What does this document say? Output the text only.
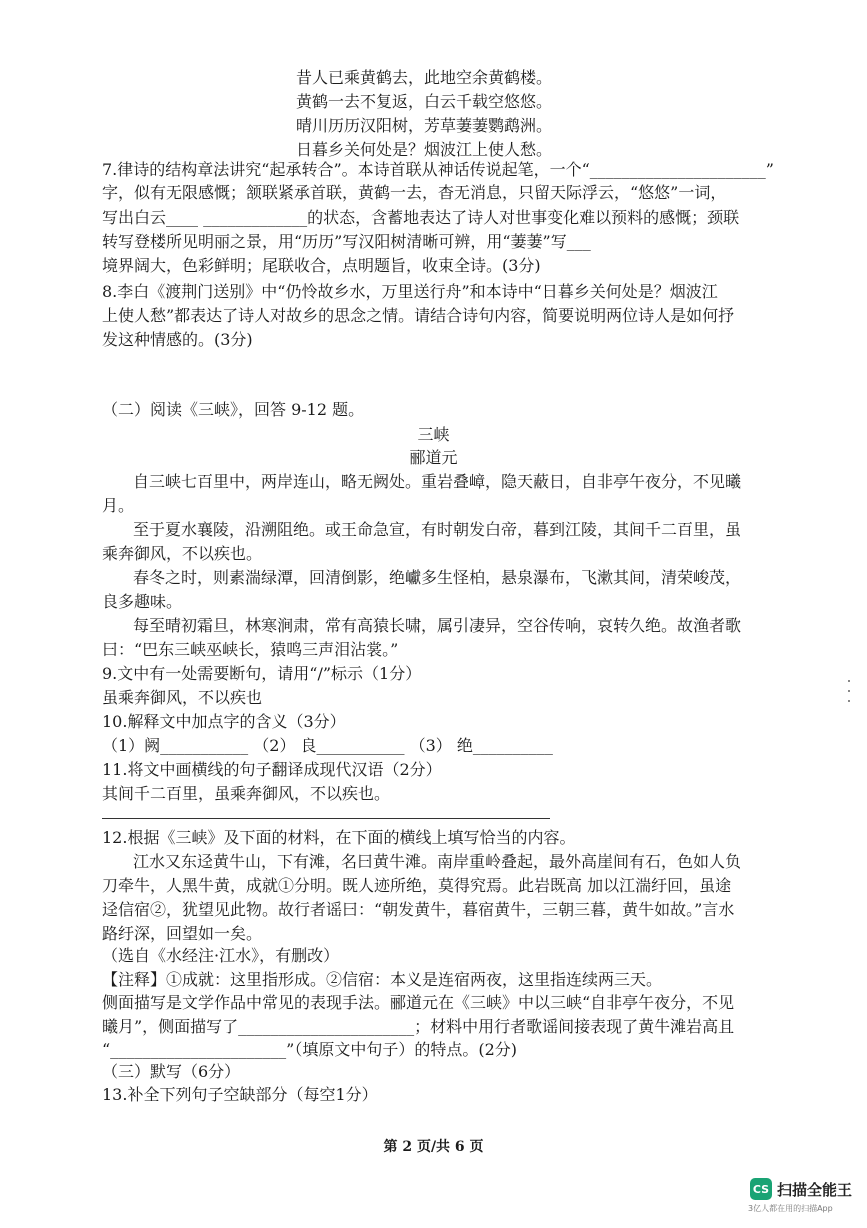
昔人已乘黄鹤去，此地空余黄鹤楼。
黄鹤一去不复返，白云千载空悠悠。
晴川历历汉阳树，芳草萋萋鹦鹉洲。
日暮乡关何处是？烟波江上使人愁。
7.律诗的结构章法讲究“起承转合”。本诗首联从神话传说起笔，一个“______________________”
字，似有无限感慨；颔联紧承首联，黄鹤一去，杳无消息，只留天际浮云，“悠悠”一词，
写出白云____ _____________的状态，含蓄地表达了诗人对世事变化难以预料的感慨；颈联
转写登楼所见明丽之景，用“历历”写汉阳树清晰可辨，用“萋萋”写___
境界阔大，色彩鲜明；尾联收合，点明题旨，收束全诗。(3分)
8.李白《渡荆门送别》中“仍怜故乡水，万里送行舟”和本诗中“日暮乡关何处是？烟波江
上使人愁”都表达了诗人对故乡的思念之情。请结合诗句内容，简要说明两位诗人是如何抒
发这种情感的。(3分)
（二）阅读《三峡》，回答 9-12 题。
三峡
郦道元
自三峡七百里中，两岸连山，略无阙处。重岩叠嶂，隐天蔽日，自非亭午夜分，不见曦
月。
至于夏水襄陵，沿溯阻绝。或王命急宣，有时朝发白帝，暮到江陵，其间千二百里，虽
乘奔御风，不以疾也。
春冬之时，则素湍绿潭，回清倒影，绝巘多生怪柏，悬泉瀑布，飞漱其间，清荣峻茂，
良多趣味。
每至晴初霜旦，林寒涧肃，常有高猿长啸，属引凄异，空谷传响，哀转久绝。故渔者歌
曰：“巴东三峡巫峡长，猿鸣三声泪沾裳。”
9.文中有一处需要断句，请用“/”标示（1分）
虽乘奔御风，不以疾也
10.解释文中加点字的含义（3分）
（1）阙___________ （2） 良___________ （3） 绝__________
11.将文中画横线的句子翻译成现代汉语（2分）
其间千二百里，虽乘奔御风，不以疾也。
12.根据《三峡》及下面的材料，在下面的横线上填写恰当的内容。
江水又东迳黄牛山，下有滩，名曰黄牛滩。南岸重岭叠起，最外高崖间有石，色如人负
刀牵牛，人黑牛黄，成就①分明。既人迹所绝，莫得究焉。此岩既高 加以江湍纡回，虽途
迳信宿②，犹望见此物。故行者谣曰：“朝发黄牛，暮宿黄牛，三朝三暮，黄牛如故。”言水
路纡深，回望如一矣。
（选自《水经注·江水》，有删改）
【注释】①成就：这里指形成。②信宿：本义是连宿两夜，这里指连续两三天。
侧面描写是文学作品中常见的表现手法。郦道元在《三峡》中以三峡“自非亭午夜分，不见
曦月”，侧面描写了______________________；材料中用行者歌谣间接表现了黄牛滩岩高且
“______________________”（填原文中句子）的特点。(2分)
（三）默写（6分）
13.补全下列句子空缺部分（每空1分）
第 2 页/共 6 页
CS 扫描全能王
3亿人都在用的扫描App
